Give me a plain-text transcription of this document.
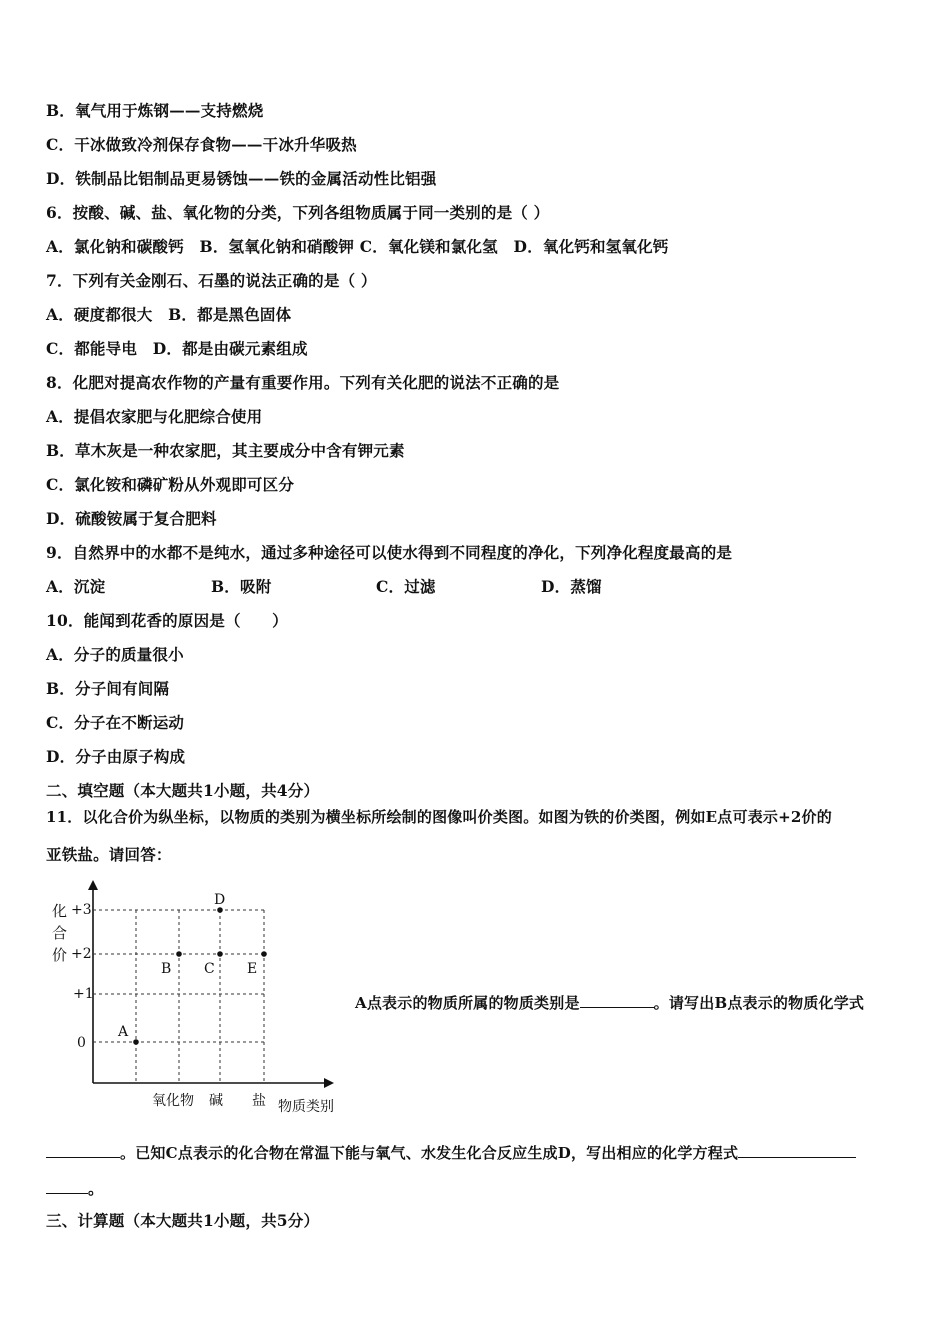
B．氧气用于炼钢——支持燃烧
C．干冰做致冷剂保存食物——干冰升华吸热
D．铁制品比铝制品更易锈蚀——铁的金属活动性比铝强
6．按酸、碱、盐、氧化物的分类，下列各组物质属于同一类别的是（ ）
A．氯化钠和碳酸钙　B．氢氧化钠和硝酸钾 C．氧化镁和氯化氢　D．氧化钙和氢氧化钙
7．下列有关金刚石、石墨的说法正确的是（ ）
A．硬度都很大　B．都是黑色固体
C．都能导电　D．都是由碳元素组成
8．化肥对提高农作物的产量有重要作用。下列有关化肥的说法不正确的是
A．提倡农家肥与化肥综合使用
B．草木灰是一种农家肥，其主要成分中含有钾元素
C．氯化铵和磷矿粉从外观即可区分
D．硫酸铵属于复合肥料
9．自然界中的水都不是纯水，通过多种途径可以使水得到不同程度的净化，下列净化程度最高的是
A．沉淀	B．吸附	C．过滤	D．蒸馏
10．能闻到花香的原因是（　　）
A．分子的质量很小
B．分子间有间隔
C．分子在不断运动
D．分子由原子构成
二、填空题（本大题共1小题，共4分）
11．以化合价为纵坐标，以物质的类别为横坐标所绘制的图像叫价类图。如图为铁的价类图，例如E点可表示+2价的
亚铁盐。请回答：
化
合
价
+3
+2
+1
0
A
B C
D
E
氧化物 碱 盐 物质类别
A点表示的物质所属的物质类别是	。请写出B点表示的物质化学式
。已知C点表示的化合物在常温下能与氧气、水发生化合反应生成D，写出相应的化学方程式
。
三、计算题（本大题共1小题，共5分）
